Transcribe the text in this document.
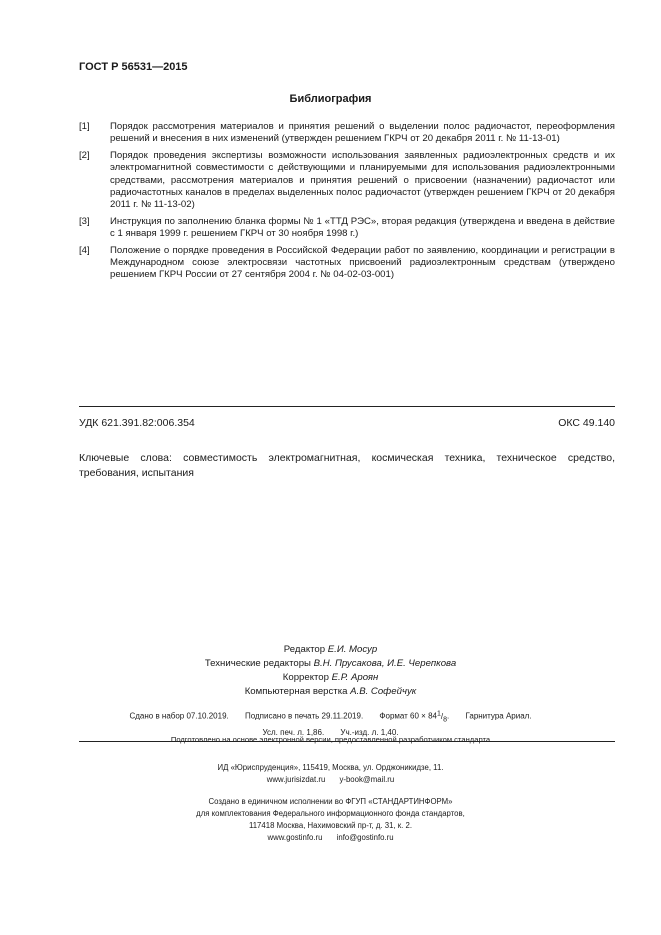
ГОСТ Р 56531—2015
Библиография
[1]	Порядок рассмотрения материалов и принятия решений о выделении полос радиочастот, переоформления решений и внесения в них изменений (утвержден решением ГКРЧ от 20 декабря 2011 г. № 11-13-01)
[2]	Порядок проведения экспертизы возможности использования заявленных радиоэлектронных средств и их электромагнитной совместимости с действующими и планируемыми для использования радиоэлектронными средствами, рассмотрения материалов и принятия решений о присвоении (назначении) радиочастот или радиочастотных каналов в пределах выделенных полос радиочастот (утвержден решением ГКРЧ от 20 декабря 2011 г. № 11-13-02)
[3]	Инструкция по заполнению бланка формы № 1 «ТТД РЭС», вторая редакция (утверждена и введена в действие с 1 января 1999 г. решением ГКРЧ от 30 ноября 1998 г.)
[4]	Положение о порядке проведения в Российской Федерации работ по заявлению, координации и регистрации в Международном союзе электросвязи частотных присвоений радиоэлектронным средствам (утверждено решением ГКРЧ России от 27 сентября 2004 г. № 04-02-03-001)
УДК 621.391.82:006.354	ОКС 49.140
Ключевые слова: совместимость электромагнитная, космическая техника, техническое средство, требования, испытания
Редактор Е.И. Мосур
Технические редакторы В.Н. Прусакова, И.Е. Черепкова
Корректор Е.Р. Ароян
Компьютерная верстка А.В. Софейчук
Сдано в набор 07.10.2019. Подписано в печать 29.11.2019. Формат $60 \times 84^1/_8$. Гарнитура Ариал.
Усл. печ. л. 1,86. Уч.-изд. л. 1,40.
Подготовлено на основе электронной версии, предоставленной разработчиком стандарта
ИД «Юриспруденция», 115419, Москва, ул. Орджоникидзе, 11.
www.jurisizdat.ru y-book@mail.ru
Создано в единичном исполнении во ФГУП «СТАНДАРТИНФОРМ»
для комплектования Федерального информационного фонда стандартов,
117418 Москва, Нахимовский пр-т, д. 31, к. 2.
www.gostinfo.ru info@gostinfo.ru
